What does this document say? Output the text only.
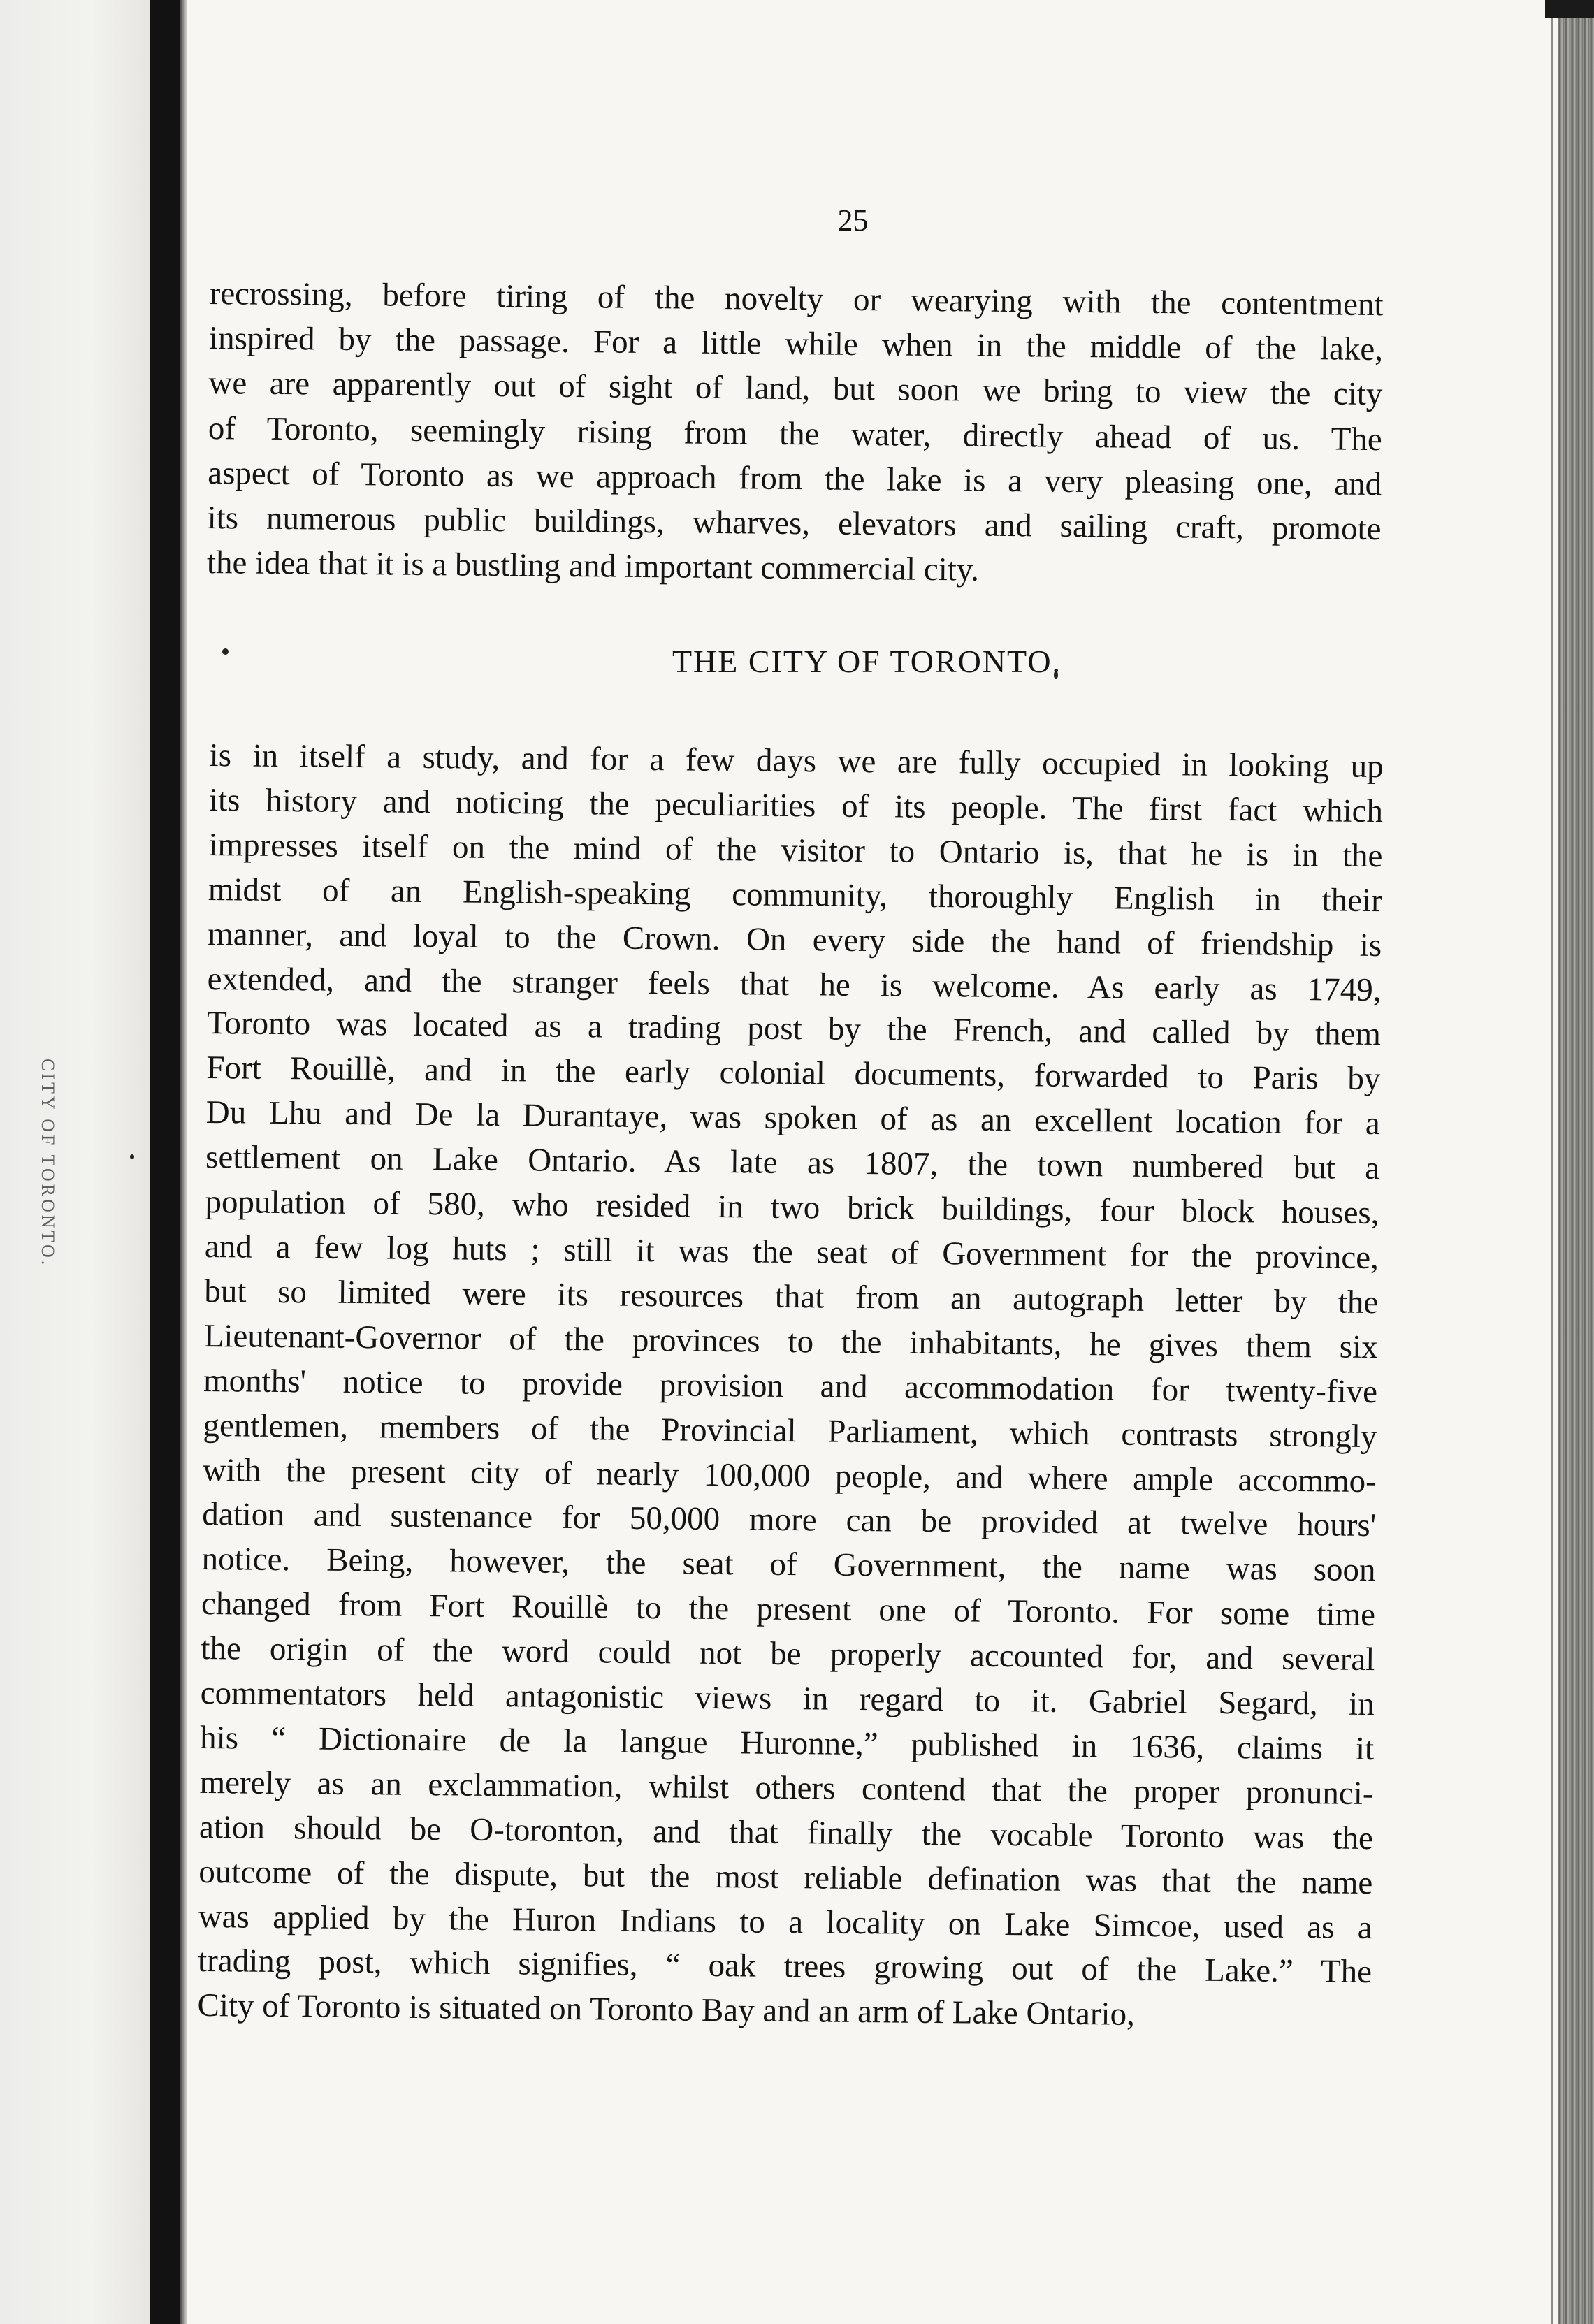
CITY OF TORONTO.
25
recrossing, before tiring of the novelty or wearying with the contentment
inspired by the passage. For a little while when in the middle of the lake,
we are apparently out of sight of land, but soon we bring to view the city
of Toronto, seemingly rising from the water, directly ahead of us. The
aspect of Toronto as we approach from the lake is a very pleasing one, and
its numerous public buildings, wharves, elevators and sailing craft, promote
the idea that it is a bustling and important commercial city.
THE CITY OF TORONTO.
is in itself a study, and for a few days we are fully occupied in looking up
its history and noticing the peculiarities of its people. The first fact which
impresses itself on the mind of the visitor to Ontario is, that he is in the
midst of an English-speaking community, thoroughly English in their
manner, and loyal to the Crown. On every side the hand of friendship is
extended, and the stranger feels that he is welcome. As early as 1749,
Toronto was located as a trading post by the French, and called by them
Fort Rouillè, and in the early colonial documents, forwarded to Paris by
Du Lhu and De la Durantaye, was spoken of as an excellent location for a
settlement on Lake Ontario. As late as 1807, the town numbered but a
population of 580, who resided in two brick buildings, four block houses,
and a few log huts ; still it was the seat of Government for the province,
but so limited were its resources that from an autograph letter by the
Lieutenant-Governor of the provinces to the inhabitants, he gives them six
months' notice to provide provision and accommodation for twenty-five
gentlemen, members of the Provincial Parliament, which contrasts strongly
with the present city of nearly 100,000 people, and where ample accommo-
dation and sustenance for 50,000 more can be provided at twelve hours'
notice. Being, however, the seat of Government, the name was soon
changed from Fort Rouillè to the present one of Toronto. For some time
the origin of the word could not be properly accounted for, and several
commentators held antagonistic views in regard to it. Gabriel Segard, in
his “ Dictionaire de la langue Huronne,” published in 1636, claims it
merely as an exclammation, whilst others contend that the proper pronunci-
ation should be O-toronton, and that finally the vocable Toronto was the
outcome of the dispute, but the most reliable defination was that the name
was applied by the Huron Indians to a locality on Lake Simcoe, used as a
trading post, which signifies, “ oak trees growing out of the Lake.” The
City of Toronto is situated on Toronto Bay and an arm of Lake Ontario,
